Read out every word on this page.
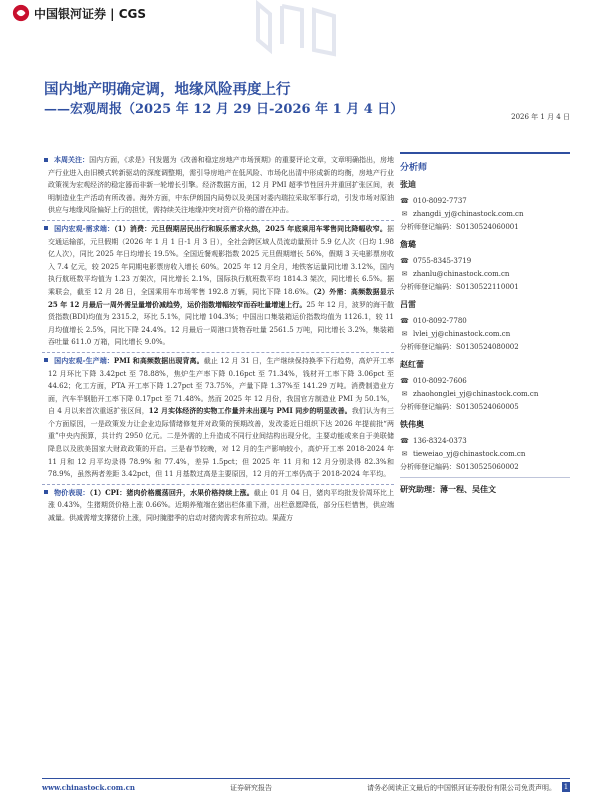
中国银河证券 | CGS
国内地产明确定调，地缘风险再度上行
——宏观周报（2025 年 12 月 29 日-2026 年 1 月 4 日）	2026 年 1 月 4 日

本周关注：国内方面，《求是》刊发题为《改善和稳定房地产市场预期》的重要评论文章，文章明确指出，房地产行业进入由旧模式转新驱动的深度调整期，需引导房地产在低风险、市场化出清中形成新的均衡，房地产行业政策视为宏观经济的稳定器而非新一轮增长引擎。经济数据方面，12 月 PMI 超季节性回升并重回扩张区间，表明制造业生产活动有所改善。海外方面，中东伊朗国内局势以及美国对委内瑞拉采取军事行动，引发市场对原油供应与地缘风险偏好上行的担忧，需持续关注地缘冲突对资产价格的潜在冲击。

国内宏观-需求端：（1）消费：元旦假期居民出行和娱乐需求火热，2025 年底乘用车零售同比降幅收窄。据交通运输部，元旦假期（2026 年 1 月 1 日-1 月 3 日），全社会跨区域人员流动量预计 5.9 亿人次（日均 1.98 亿人次），同比 2025 年日均增长 19.5%。全国近餐观影指数 2025 元旦假期增长 56%，假期 3 天电影票房收入 7.4 亿元，较 2025 年同期电影票房收入增长 60%。2025 年 12 月全月，地铁客运量同比增 3.12%，国内执行航班数平均值为 1.23 万架次，同比增长 2.1%，国际执行航班数平均 1814.3 架次，同比增长 6.5%。据乘联会，截至 12 月 28 日，全国乘用车市场零售 192.8 万辆，同比下降 18.6%。（2）外需：高频数据显示 25 年 12 月最后一周外需呈量增价减趋势，运价指数增幅较窄而吞吐量增速上行。25 年 12 月，波罗的海干散货指数(BDI)均值为 2315.2，环比 5.1%，同比增 104.3%；中国出口集装箱运价指数均值为 1126.1，较 11 月均值增长 2.5%，同比下降 24.4%。12 月最后一周港口货物吞吐量 2561.5 万吨，同比增长 3.2%，集装箱吞吐量 611.0 万箱，同比增长 9.0%。

国内宏观-生产端：PMI 和高频数据出现背离。截止 12 月 31 日，生产继续保持换季下行趋势，高炉开工率 12 月环比下降 3.42pct 至 78.88%，焦炉生产率下降 0.16pct 至 71.34%，钱材开工率下降 3.06pct 至 44.62；化工方面，PTA 开工率下降 1.27pct 至 73.75%，产量下降 1.37%至 141.29 万吨。消费制造业方面，汽车半钢胎开工率下降 0.17pct 至 71.48%。然而 2025 年 12 月份，我国官方制造业 PMI 为 50.1%，自 4 月以来首次重返扩张区间，12 月实体经济的实物工作量并未出现与 PMI 同步的明显改善。我们认为有三个方面原因，一是政策发力让企业边际情绪修复并对政策的预期改善，发改委近日组织下达 2026 年提前批“两重”中央内预算，共计约 2950 亿元。二是外需的上升造成不同行业间结构出现分化，主要动能或来自于美联储降息以及欧美国家大财政政策的开启。三是春节较晚，对 12 月的生产影响较小，高炉开工率 2018-2024 年 11 月和 12 月平均录得 78.9% 和 77.4%，差异 1.5pct；但 2025 年 11 月和 12 月分别录得 82.3%和 78.9%，虽然两者差距 3.42pct，但 11 月基数过高是主要原因，12 月的开工率仍高于 2018-2024 年平均。

物价表现：（1）CPI：猪肉价格震荡回升，水果价格持续上涨。截止 01 月 04 日，猪肉平均批发价周环比上涨 0.43%，生猪期货价格上涨 0.66%。近期养殖端在猪出栏体重下滑，出栏意愿降低，部分压栏惜售，供应端减量。供减需增支撑猪价上涨，同时腌腊季的启动对猪肉需求有所拉动。果蔬方

分析师
张迪
☎ 010-8092-7737
✉ zhangdi_yj@chinastock.com.cn
分析师登记编码： S0130524060001
詹璐
☎ 0755-8345-3719
✉ zhanlu@chinastock.com.cn
分析师登记编码： S0130522110001
吕雷
☎ 010-8092-7780
✉ lvlei_yj@chinastock.com.cn
分析师登记编码： S0130524080002
赵红蕾
☎ 010-8092-7606
✉ zhaohonglei_yj@chinastock.com.cn
分析师登记编码： S0130524060005
铁伟奥
☎ 136-8324-0373
✉ tieweiao_yj@chinastock.com.cn
分析师登记编码： S0130525060002
研究助理：薄一程、吴佳文
www.chinastock.com.cn	证券研究报告	请务必阅读正文最后的中国银河证券股份有限公司免责声明。 1
